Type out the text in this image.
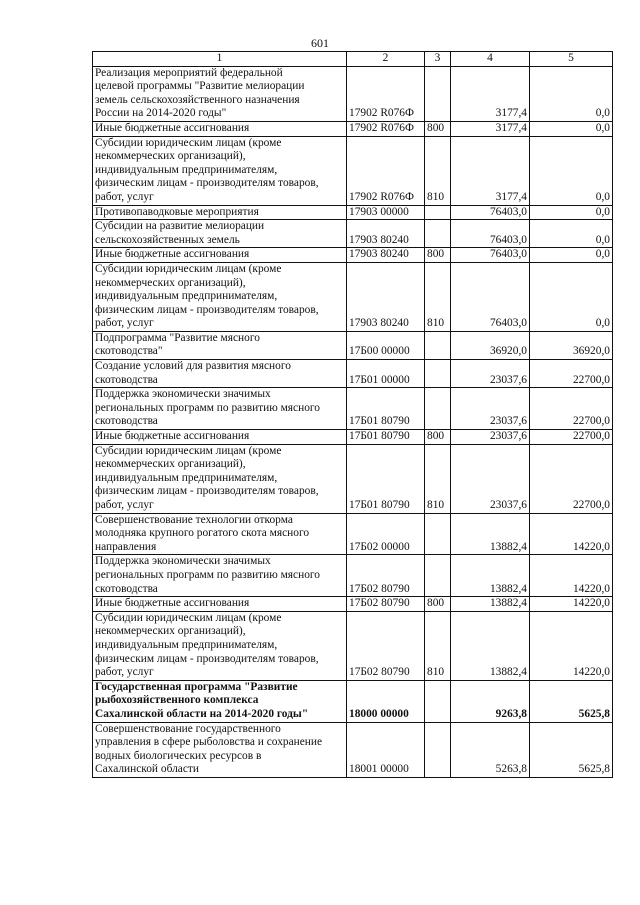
601
1	2	3	4	5
Реализация мероприятий федеральной
целевой программы "Развитие мелиорации
земель сельскохозяйственного назначения
России на 2014-2020 годы"	17902 R076Ф		3177,4	0,0
Иные бюджетные ассигнования	17902 R076Ф	800	3177,4	0,0
Субсидии юридическим лицам (кроме
некоммерческих организаций),
индивидуальным предпринимателям,
физическим лицам - производителям товаров,
работ, услуг	17902 R076Ф	810	3177,4	0,0
Противопаводковые мероприятия	17903 00000		76403,0	0,0
Субсидии на развитие мелиорации
сельскохозяйственных земель	17903 80240		76403,0	0,0
Иные бюджетные ассигнования	17903 80240	800	76403,0	0,0
Субсидии юридическим лицам (кроме
некоммерческих организаций),
индивидуальным предпринимателям,
физическим лицам - производителям товаров,
работ, услуг	17903 80240	810	76403,0	0,0
Подпрограмма "Развитие мясного
скотоводства"	17Б00 00000		36920,0	36920,0
Создание условий для развития мясного
скотоводства	17Б01 00000		23037,6	22700,0
Поддержка экономически значимых
региональных программ по развитию мясного
скотоводства	17Б01 80790		23037,6	22700,0
Иные бюджетные ассигнования	17Б01 80790	800	23037,6	22700,0
Субсидии юридическим лицам (кроме
некоммерческих организаций),
индивидуальным предпринимателям,
физическим лицам - производителям товаров,
работ, услуг	17Б01 80790	810	23037,6	22700,0
Совершенствование технологии откорма
молодняка крупного рогатого скота мясного
направления	17Б02 00000		13882,4	14220,0
Поддержка экономически значимых
региональных программ по развитию мясного
скотоводства	17Б02 80790		13882,4	14220,0
Иные бюджетные ассигнования	17Б02 80790	800	13882,4	14220,0
Субсидии юридическим лицам (кроме
некоммерческих организаций),
индивидуальным предпринимателям,
физическим лицам - производителям товаров,
работ, услуг	17Б02 80790	810	13882,4	14220,0
Государственная программа "Развитие
рыбохозяйственного комплекса
Сахалинской области на 2014-2020 годы"	18000 00000		9263,8	5625,8
Совершенствование государственного
управления в сфере рыболовства и сохранение
водных биологических ресурсов в
Сахалинской области	18001 00000		5263,8	5625,8
